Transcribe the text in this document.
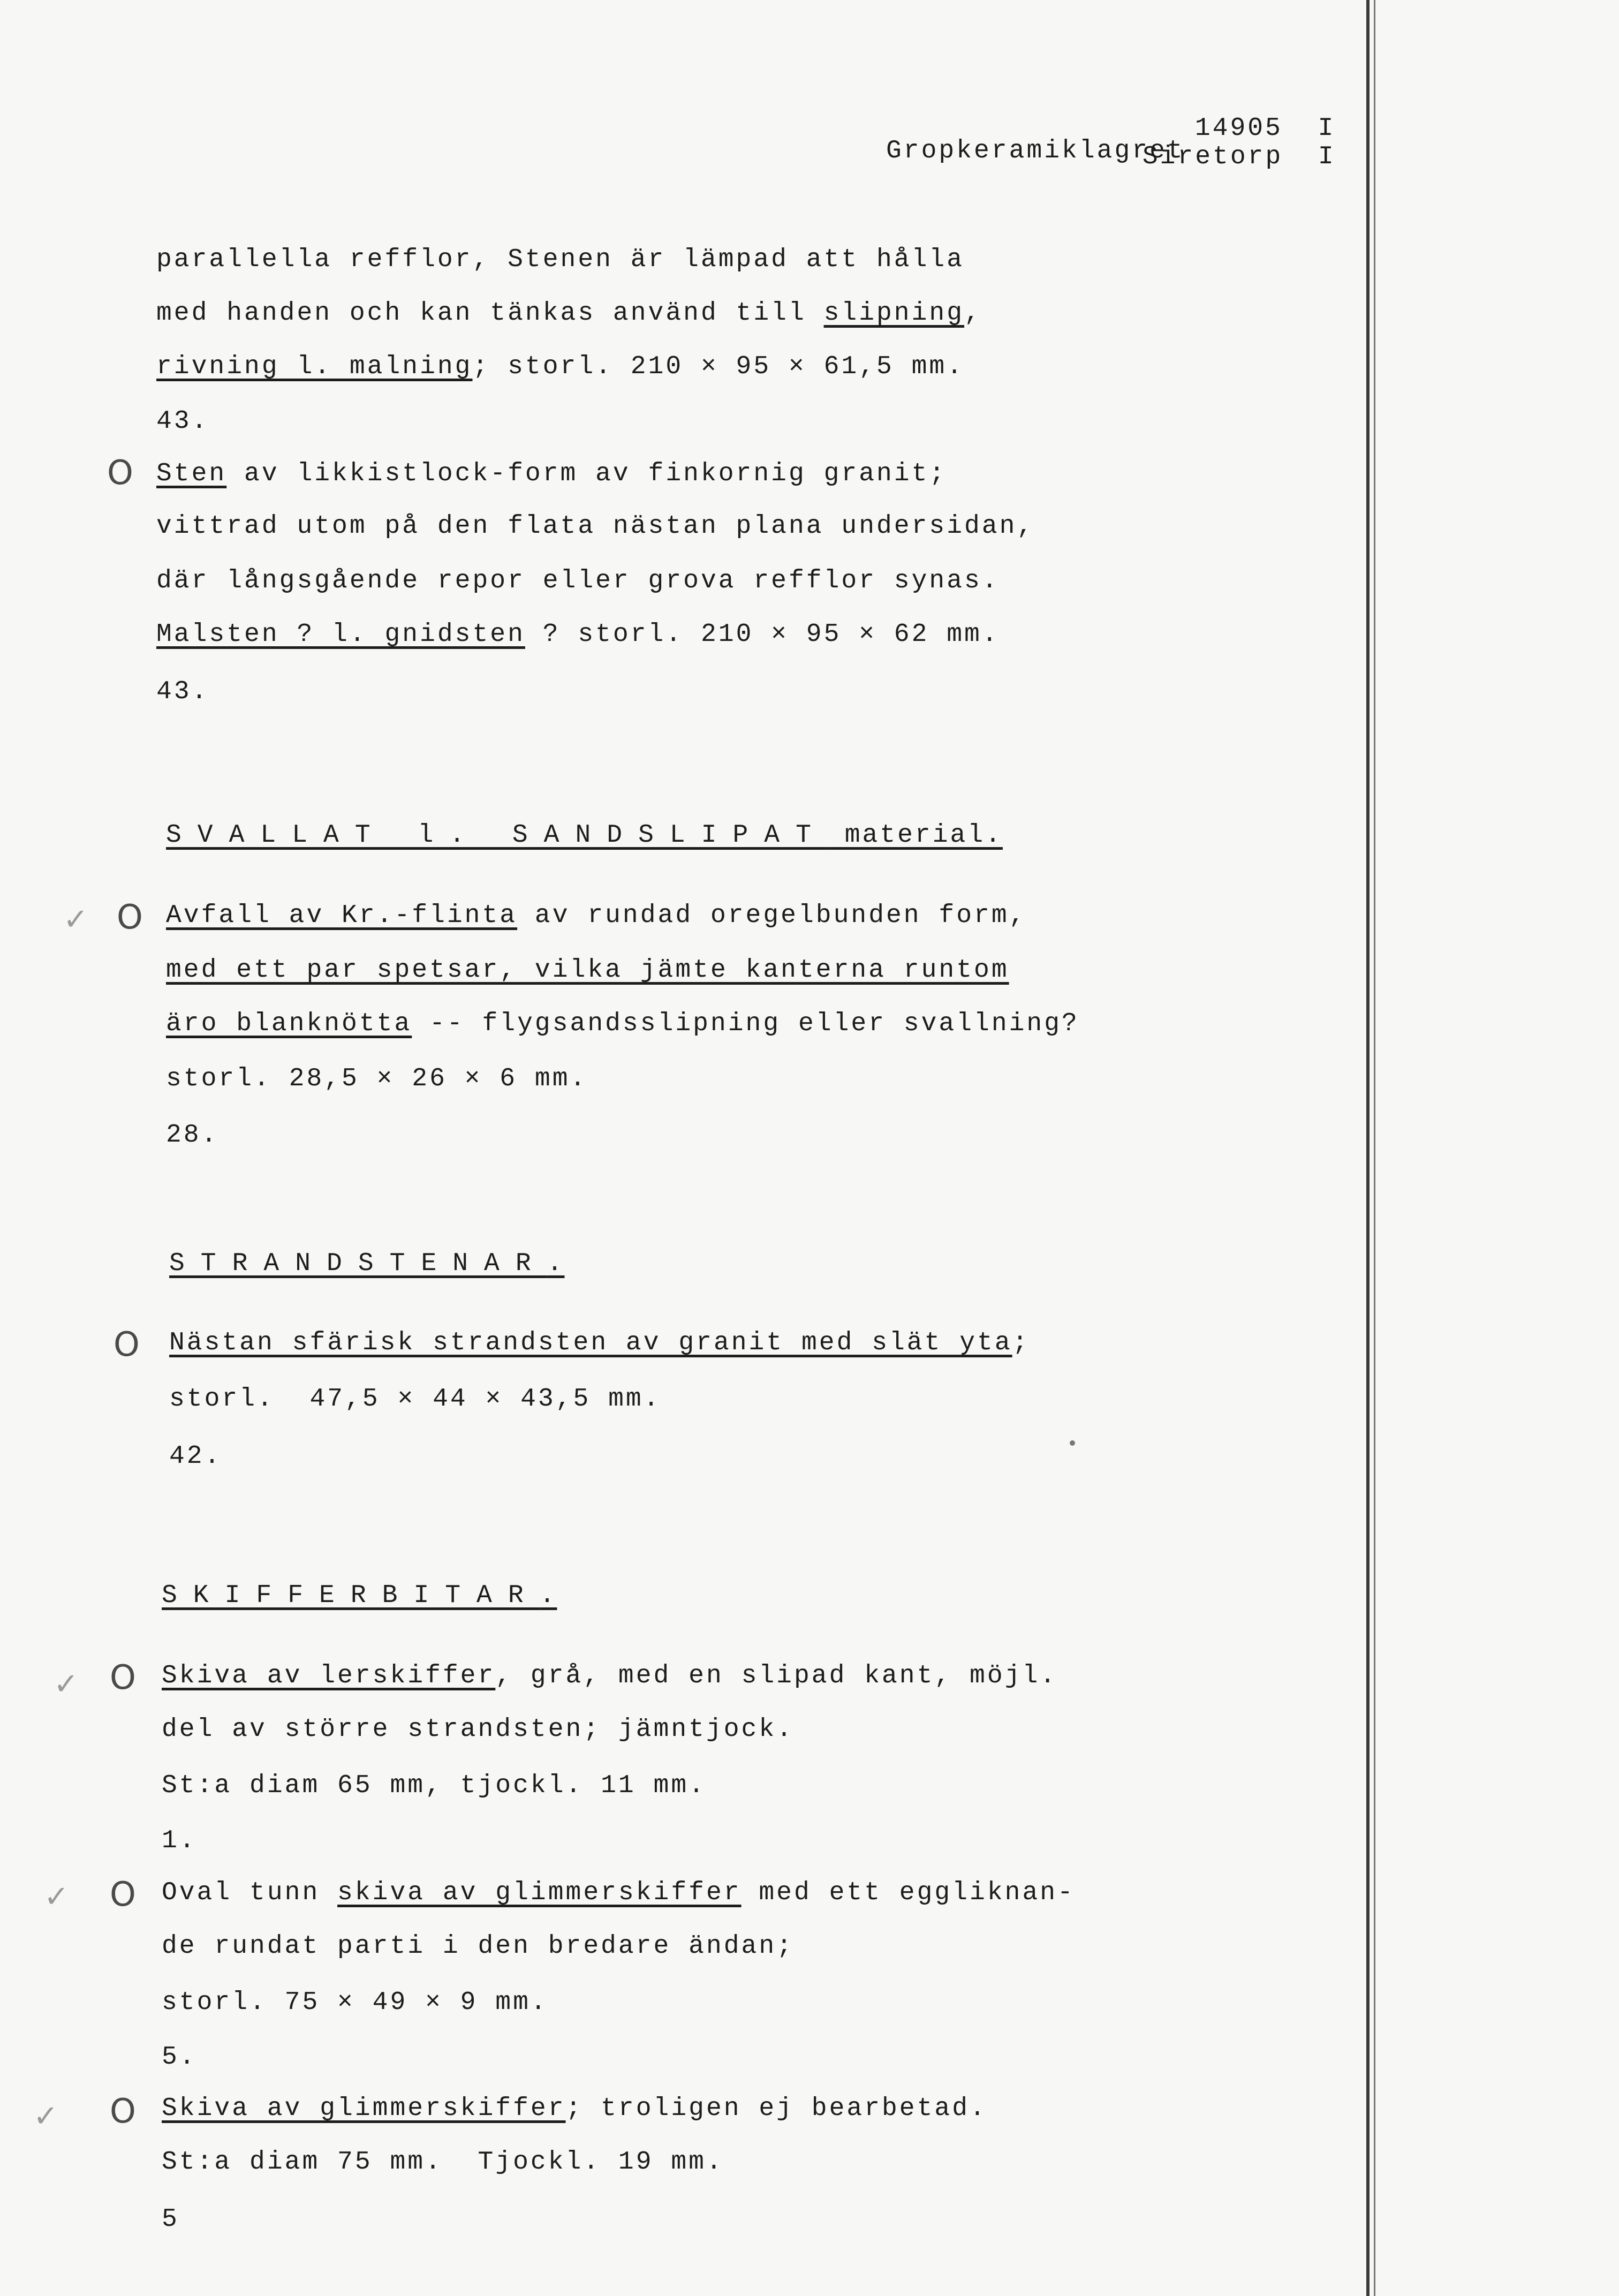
14905 I

Siretorp I

Gropkeramiklagret
parallella refflor, Stenen är lämpad att hålla
med handen och kan tänkas använd till slipning,
rivning l. malning; storl. 210 × 95 × 61,5 mm.
43.
O Sten av likkistlock-form av finkornig granit;
vittrad utom på den flata nästan plana undersidan,
där långsgående repor eller grova refflor synas.
Malsten ? l. gnidsten ? storl. 210 × 95 × 62 mm.
43.
SVALLAT l. SANDSLIPAT material.
✓ O Avfall av Kr.-flinta av rundad oregelbunden form,
med ett par spetsar, vilka jämte kanterna runtom
äro blanknötta -- flygsandsslipning eller svallning?
storl. 28,5 × 26 × 6 mm.
28.
STRANDSTENAR.
O Nästan sfärisk strandsten av granit med slät yta;
storl.  47,5 × 44 × 43,5 mm.
42.
SKIFFERBITAR.
✓ O Skiva av lerskiffer, grå, med en slipad kant, möjl.
del av större strandsten; jämntjock.
St:a diam 65 mm, tjockl. 11 mm.
1.
✓ O Oval tunn skiva av glimmerskiffer med ett eggliknan-
de rundat parti i den bredare ändan;
storl. 75 × 49 × 9 mm.
5.
✓ O Skiva av glimmerskiffer; troligen ej bearbetad.
St:a diam 75 mm.  Tjockl. 19 mm.
5
